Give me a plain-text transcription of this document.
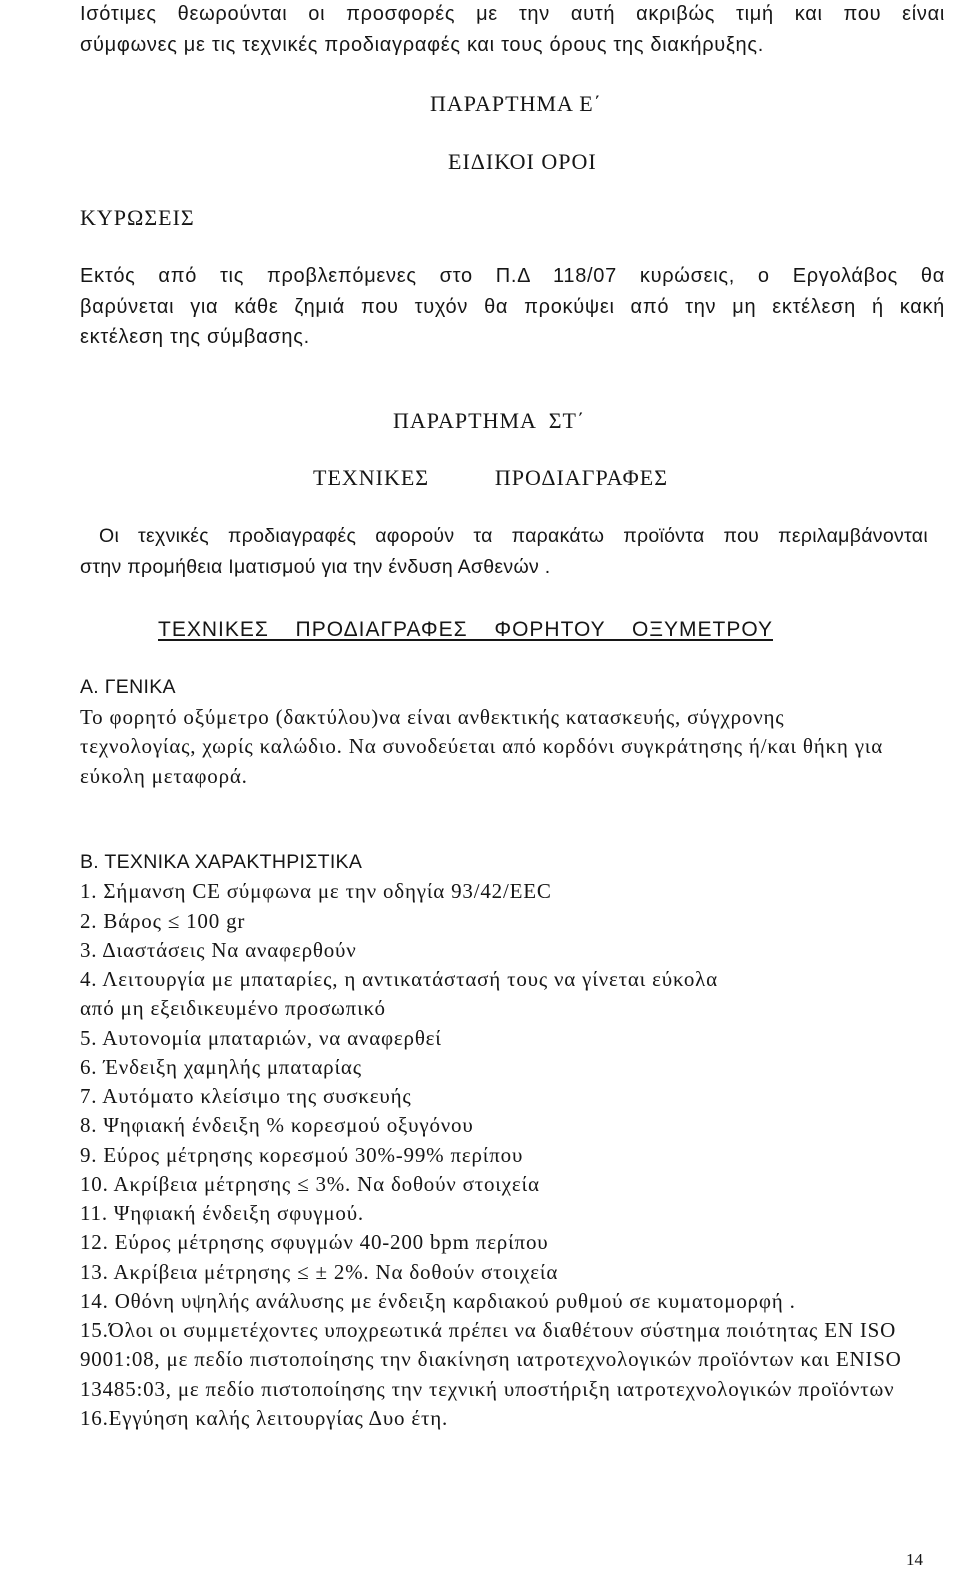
Ισότιμες θεωρούνται οι προσφορές με την αυτή ακριβώς τιμή και που είναι
σύμφωνες με τις τεχνικές προδιαγραφές και τους όρους της διακήρυξης.
ΠΑΡΑΡΤΗΜΑ Ε΄
ΕΙΔΙΚΟΙ ΟΡΟΙ
ΚΥΡΩΣΕΙΣ
Εκτός από τις προβλεπόμενες στο Π.Δ 118/07 κυρώσεις, ο Εργολάβος θα
βαρύνεται για κάθε ζημιά που τυχόν θα προκύψει από την μη εκτέλεση ή κακή
εκτέλεση της σύμβασης.
ΠΑΡΑΡΤΗΜΑ  ΣΤ΄
ΤΕΧΝΙΚΕΣ ΠΡΟΔΙΑΓΡΑΦΕΣ
Οι τεχνικές προδιαγραφές αφορούν τα παρακάτω προϊόντα που περιλαμβάνονται
στην προμήθεια Ιματισμού για την ένδυση Ασθενών .
ΤΕΧΝΙΚΕΣ ΠΡΟΔΙΑΓΡΑΦΕΣ ΦΟΡΗΤΟΥ ΟΞΥΜΕΤΡΟΥ
Α. ΓΕΝΙΚΑ
Το φορητό οξύμετρο (δακτύλου)να είναι ανθεκτικής κατασκευής, σύγχρονης
τεχνολογίας, χωρίς καλώδιο. Να συνοδεύεται από κορδόνι συγκράτησης ή/και θήκη για
εύκολη μεταφορά.
Β. ΤΕΧΝΙΚΑ ΧΑΡΑΚΤΗΡΙΣΤΙΚΑ
1. Σήμανση CE σύμφωνα με την οδηγία 93/42/EEC
2. Βάρος ≤ 100 gr
3. Διαστάσεις Να αναφερθούν
4. Λειτουργία με μπαταρίες, η αντικατάστασή τους να γίνεται εύκολα
από μη εξειδικευμένο προσωπικό
5. Αυτονομία μπαταριών, να αναφερθεί
6. Ένδειξη χαμηλής μπαταρίας
7. Αυτόματο κλείσιμο της συσκευής
8. Ψηφιακή ένδειξη % κορεσμού οξυγόνου
9. Εύρος μέτρησης κορεσμού 30%-99% περίπου
10. Ακρίβεια μέτρησης ≤ 3%. Να δοθούν στοιχεία
11. Ψηφιακή ένδειξη σφυγμού.
12. Εύρος μέτρησης σφυγμών 40-200 bpm περίπου
13. Ακρίβεια μέτρησης ≤ ± 2%. Να δοθούν στοιχεία
14. Οθόνη υψηλής ανάλυσης με ένδειξη καρδιακού ρυθμού σε κυματομορφή .
15.Όλοι οι συμμετέχοντες υποχρεωτικά πρέπει να διαθέτουν σύστημα ποιότητας EN ISO
9001:08, με πεδίο πιστοποίησης την διακίνηση ιατροτεχνολογικών προϊόντων και ENISO
13485:03, με πεδίο πιστοποίησης την τεχνική υποστήριξη ιατροτεχνολογικών προϊόντων
16.Εγγύηση καλής λειτουργίας Δυο έτη.
14
